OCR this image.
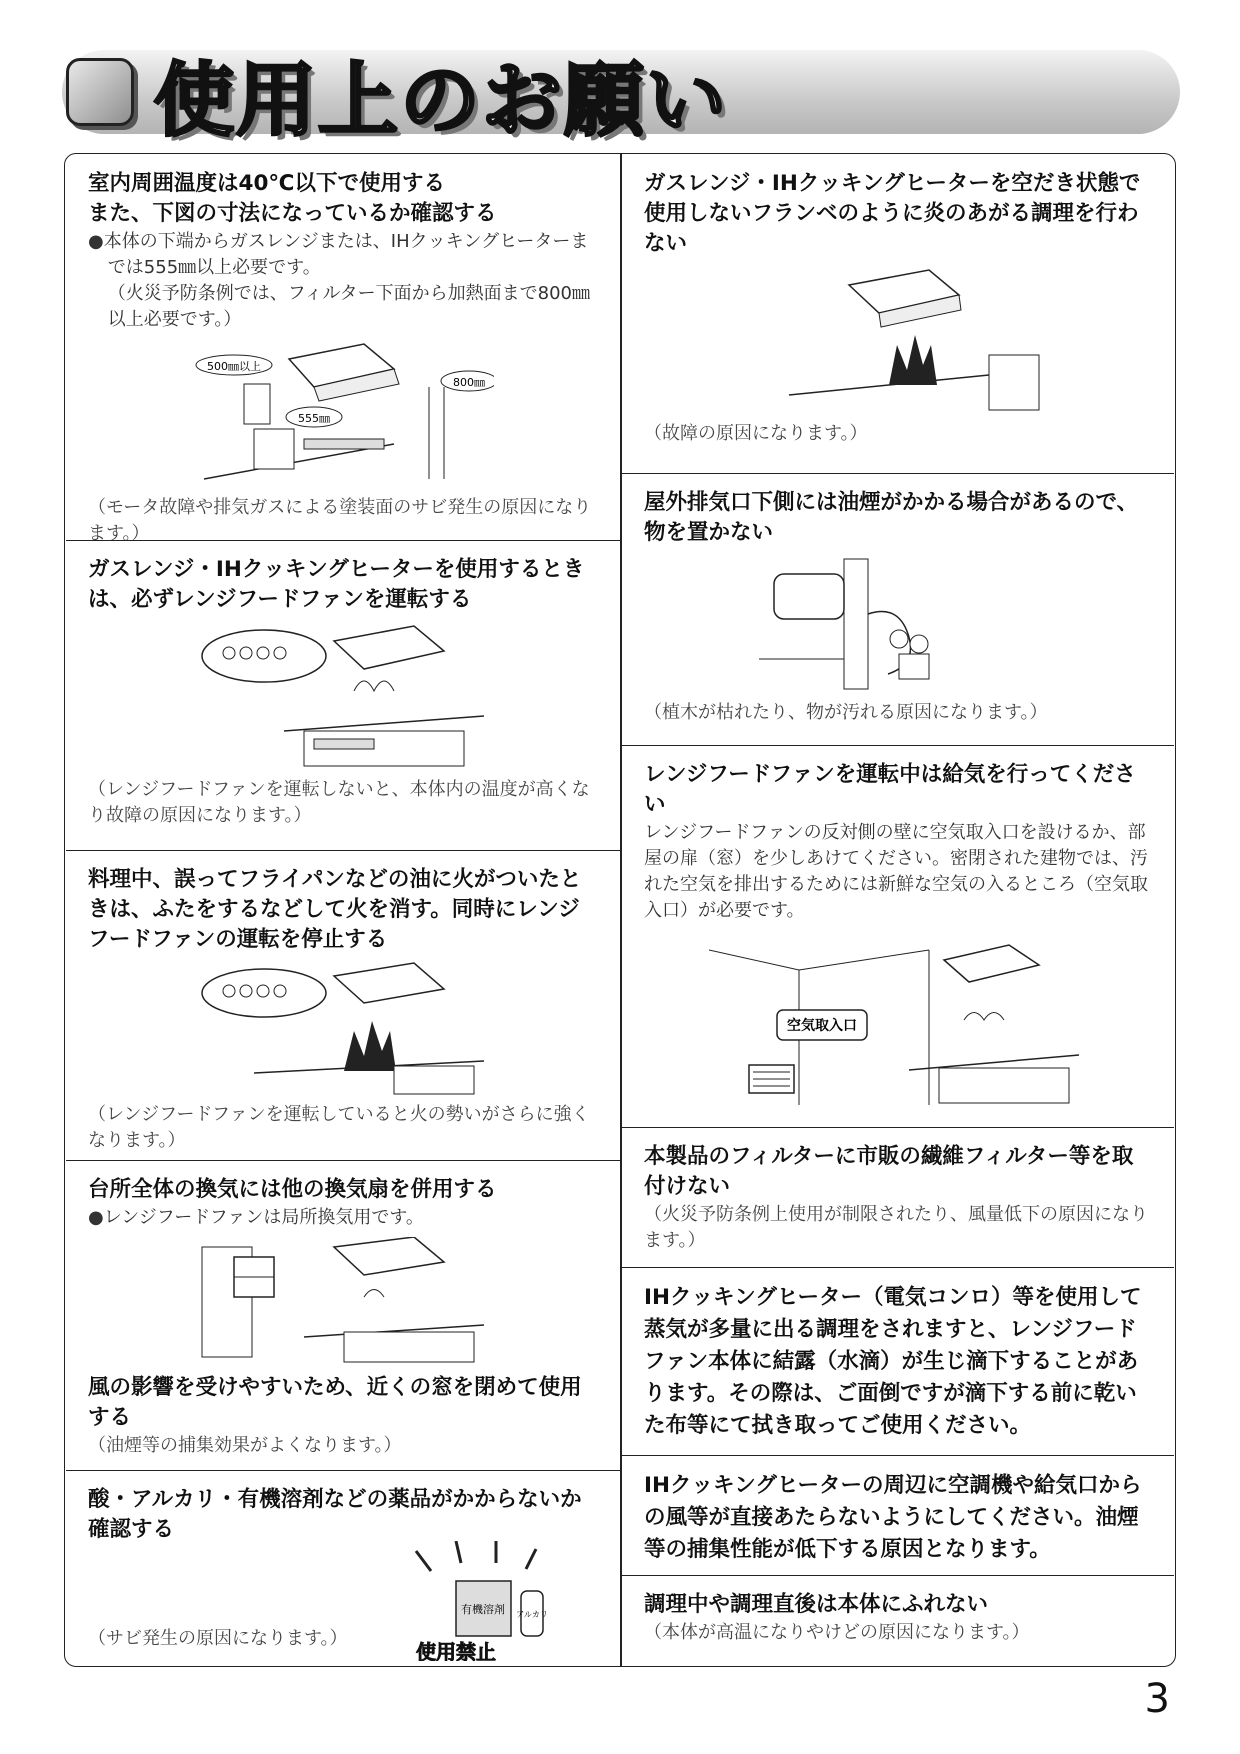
使用上のお願い

室内周囲温度は40℃以下で使用する

また、下図の寸法になっているか確認する

●本体の下端からガスレンジまたは、IHクッキングヒーターまでは555㎜以上必要です。

（火災予防条例では、フィルター下面から加熱面まで800㎜以上必要です。）

500㎜以上
800㎜
555㎜

（モータ故障や排気ガスによる塗装面のサビ発生の原因になります。）

ガスレンジ・IHクッキングヒーターを使用するときは、必ずレンジフードファンを運転する

（レンジフードファンを運転しないと、本体内の温度が高くなり故障の原因になります。）

料理中、誤ってフライパンなどの油に火がついたときは、ふたをするなどして火を消す。同時にレンジフードファンの運転を停止する

（レンジフードファンを運転していると火の勢いがさらに強くなります。）

台所全体の換気には他の換気扇を併用する

●レンジフードファンは局所換気用です。

風の影響を受けやすいため、近くの窓を閉めて使用する

（油煙等の捕集効果がよくなります。）

酸・アルカリ・有機溶剤などの薬品がかからないか確認する

（サビ発生の原因になります。）

有機溶剤 アルカリ
使用禁止

ガスレンジ・IHクッキングヒーターを空だき状態で使用しないフランベのように炎のあがる調理を行わない

（故障の原因になります。）

屋外排気口下側には油煙がかかる場合があるので、物を置かない

（植木が枯れたり、物が汚れる原因になります。）

レンジフードファンを運転中は給気を行ってください

レンジフードファンの反対側の壁に空気取入口を設けるか、部屋の扉（窓）を少しあけてください。密閉された建物では、汚れた空気を排出するためには新鮮な空気の入るところ（空気取入口）が必要です。

空気取入口

本製品のフィルターに市販の繊維フィルター等を取付けない

（火災予防条例上使用が制限されたり、風量低下の原因になります。）

IHクッキングヒーター（電気コンロ）等を使用して蒸気が多量に出る調理をされますと、レンジフードファン本体に結露（水滴）が生じ滴下することがあります。その際は、ご面倒ですが滴下する前に乾いた布等にて拭き取ってご使用ください。

IHクッキングヒーターの周辺に空調機や給気口からの風等が直接あたらないようにしてください。油煙等の捕集性能が低下する原因となります。

調理中や調理直後は本体にふれない

（本体が高温になりやけどの原因になります。）

3
